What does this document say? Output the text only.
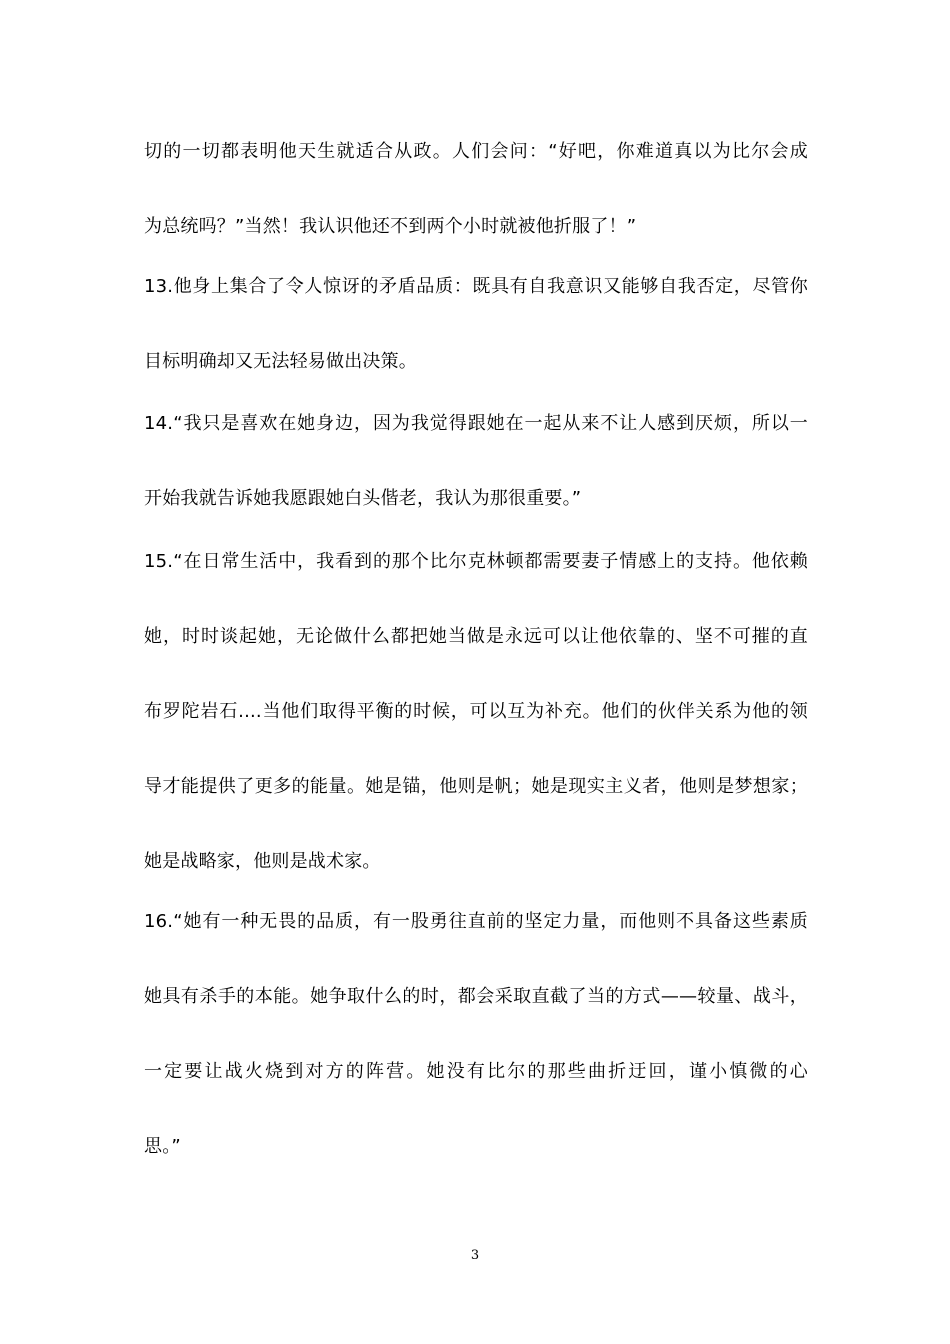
切的一切都表明他天生就适合从政。人们会问：“好吧，你难道真以为比尔会成
为总统吗？”当然！我认识他还不到两个小时就被他折服了！”
13.他身上集合了令人惊讶的矛盾品质：既具有自我意识又能够自我否定，尽管你
目标明确却又无法轻易做出决策。
14.“我只是喜欢在她身边，因为我觉得跟她在一起从来不让人感到厌烦，所以一
开始我就告诉她我愿跟她白头偕老，我认为那很重要。”
15.“在日常生活中，我看到的那个比尔克林顿都需要妻子情感上的支持。他依赖
她，时时谈起她，无论做什么都把她当做是永远可以让他依靠的、坚不可摧的直
布罗陀岩石....当他们取得平衡的时候，可以互为补充。他们的伙伴关系为他的领
导才能提供了更多的能量。她是锚，他则是帆；她是现实主义者，他则是梦想家；
她是战略家，他则是战术家。
16.“她有一种无畏的品质，有一股勇往直前的坚定力量，而他则不具备这些素质
她具有杀手的本能。她争取什么的时，都会采取直截了当的方式——较量、战斗，
一定要让战火烧到对方的阵营。她没有比尔的那些曲折迂回，谨小慎微的心
思。”
3
